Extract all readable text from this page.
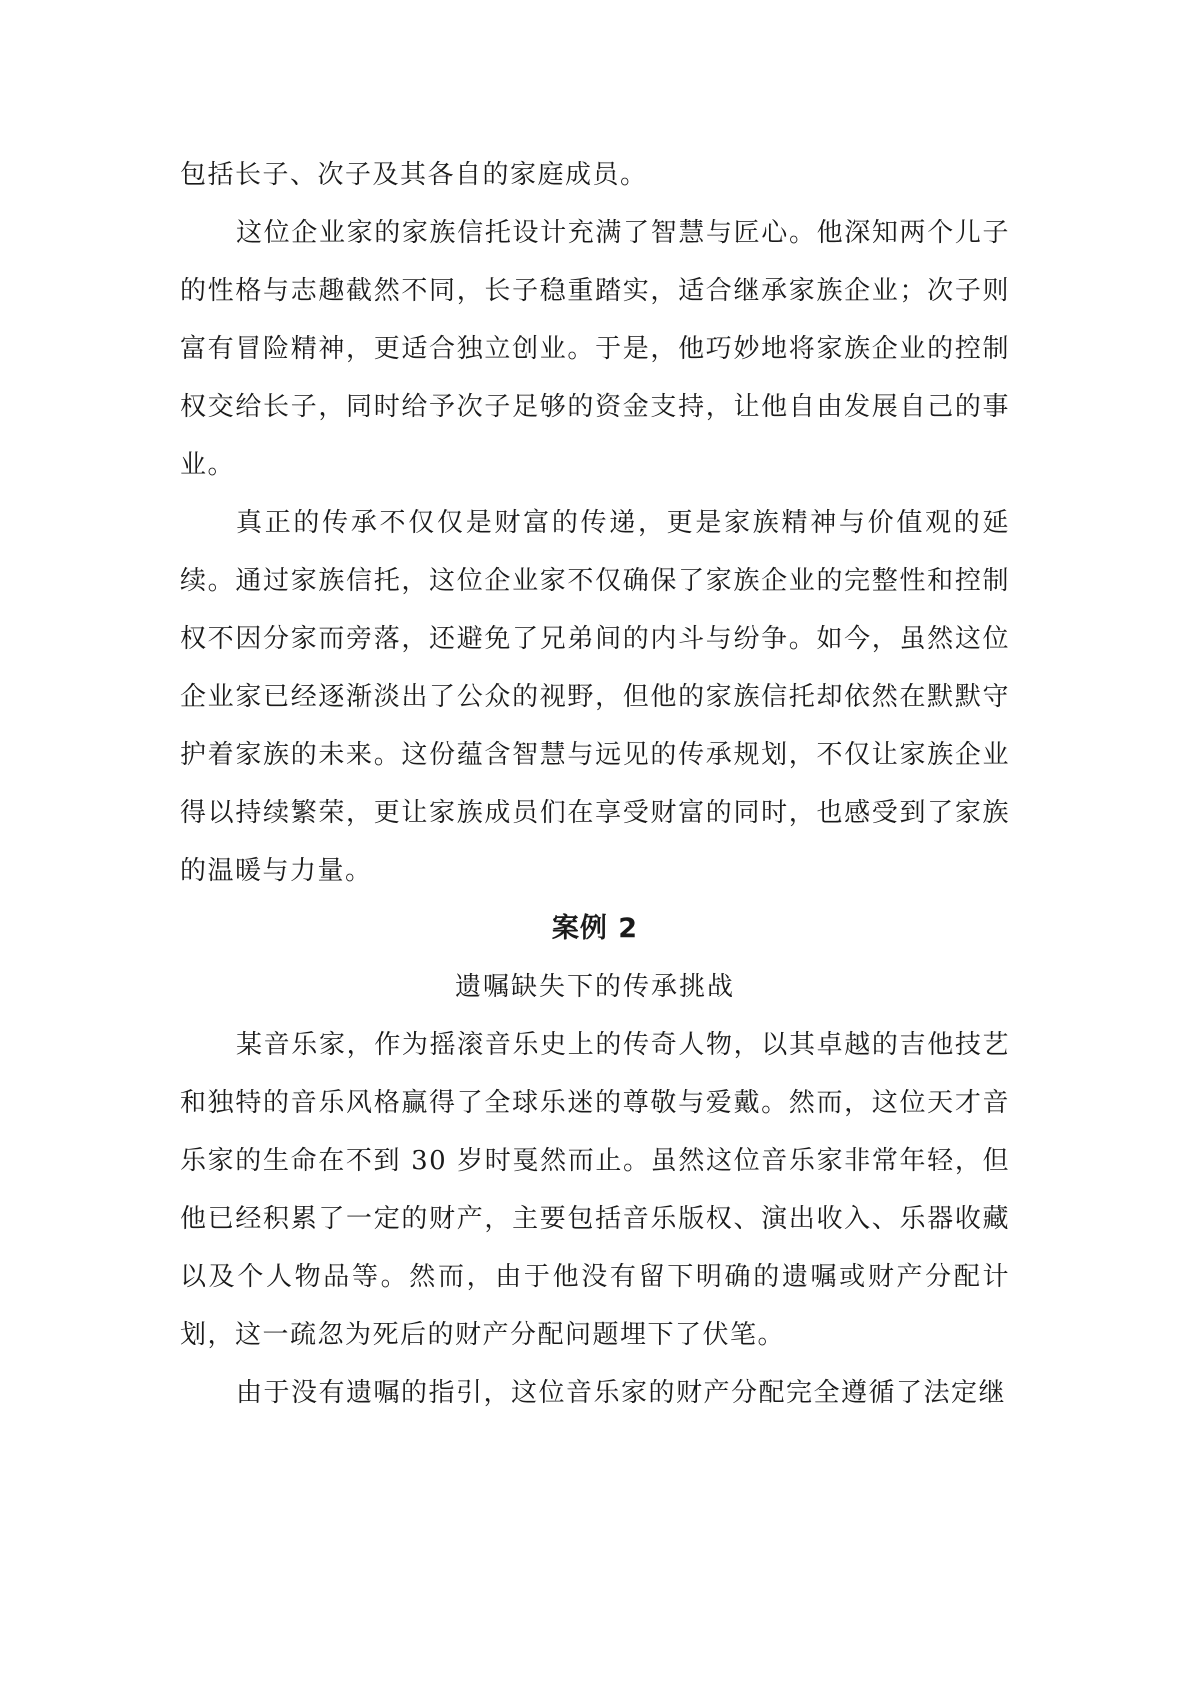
包括长子、次子及其各自的家庭成员。

这位企业家的家族信托设计充满了智慧与匠心。他深知两个儿子的性格与志趣截然不同，长子稳重踏实，适合继承家族企业；次子则富有冒险精神，更适合独立创业。于是，他巧妙地将家族企业的控制权交给长子，同时给予次子足够的资金支持，让他自由发展自己的事业。

真正的传承不仅仅是财富的传递，更是家族精神与价值观的延续。通过家族信托，这位企业家不仅确保了家族企业的完整性和控制权不因分家而旁落，还避免了兄弟间的内斗与纷争。如今，虽然这位企业家已经逐渐淡出了公众的视野，但他的家族信托却依然在默默守护着家族的未来。这份蕴含智慧与远见的传承规划，不仅让家族企业得以持续繁荣，更让家族成员们在享受财富的同时，也感受到了家族的温暖与力量。

案例 2

遗嘱缺失下的传承挑战

某音乐家，作为摇滚音乐史上的传奇人物，以其卓越的吉他技艺和独特的音乐风格赢得了全球乐迷的尊敬与爱戴。然而，这位天才音乐家的生命在不到 30 岁时戛然而止。虽然这位音乐家非常年轻，但他已经积累了一定的财产，主要包括音乐版权、演出收入、乐器收藏以及个人物品等。然而，由于他没有留下明确的遗嘱或财产分配计划，这一疏忽为死后的财产分配问题埋下了伏笔。

由于没有遗嘱的指引，这位音乐家的财产分配完全遵循了法定继
